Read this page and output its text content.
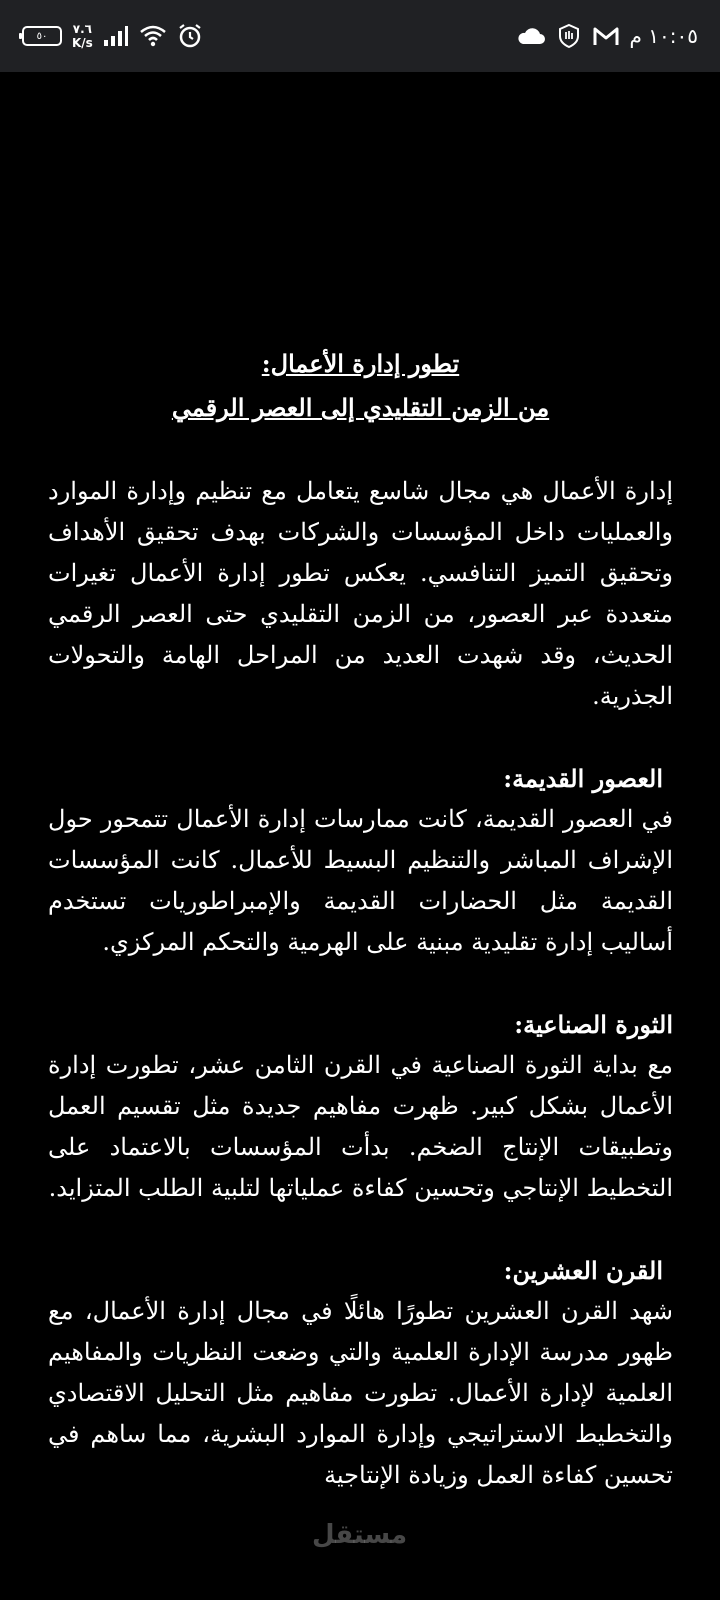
٥٠ ٧.٦
K/s	١٠:٠٥ م

تطور إدارة الأعمال:

من الزمن التقليدي إلى العصر الرقمي

إدارة الأعمال هي مجال شاسع يتعامل مع تنظيم وإدارة الموارد والعمليات داخل المؤسسات والشركات بهدف تحقيق الأهداف وتحقيق التميز التنافسي. يعكس تطور إدارة الأعمال تغيرات متعددة عبر العصور، من الزمن التقليدي حتى العصر الرقمي الحديث، وقد شهدت العديد من المراحل الهامة والتحولات الجذرية.

العصور القديمة:

في العصور القديمة، كانت ممارسات إدارة الأعمال تتمحور حول الإشراف المباشر والتنظيم البسيط للأعمال. كانت المؤسسات القديمة مثل الحضارات القديمة والإمبراطوريات تستخدم أساليب إدارة تقليدية مبنية على الهرمية والتحكم المركزي.

الثورة الصناعية:

مع بداية الثورة الصناعية في القرن الثامن عشر، تطورت إدارة الأعمال بشكل كبير. ظهرت مفاهيم جديدة مثل تقسيم العمل وتطبيقات الإنتاج الضخم. بدأت المؤسسات بالاعتماد على التخطيط الإنتاجي وتحسين كفاءة عملياتها لتلبية الطلب المتزايد.

القرن العشرين:

شهد القرن العشرين تطورًا هائلًا في مجال إدارة الأعمال، مع ظهور مدرسة الإدارة العلمية والتي وضعت النظريات والمفاهيم العلمية لإدارة الأعمال. تطورت مفاهيم مثل التحليل الاقتصادي والتخطيط الاستراتيجي وإدارة الموارد البشرية، مما ساهم في تحسين كفاءة العمل وزيادة الإنتاجية

مستقل
